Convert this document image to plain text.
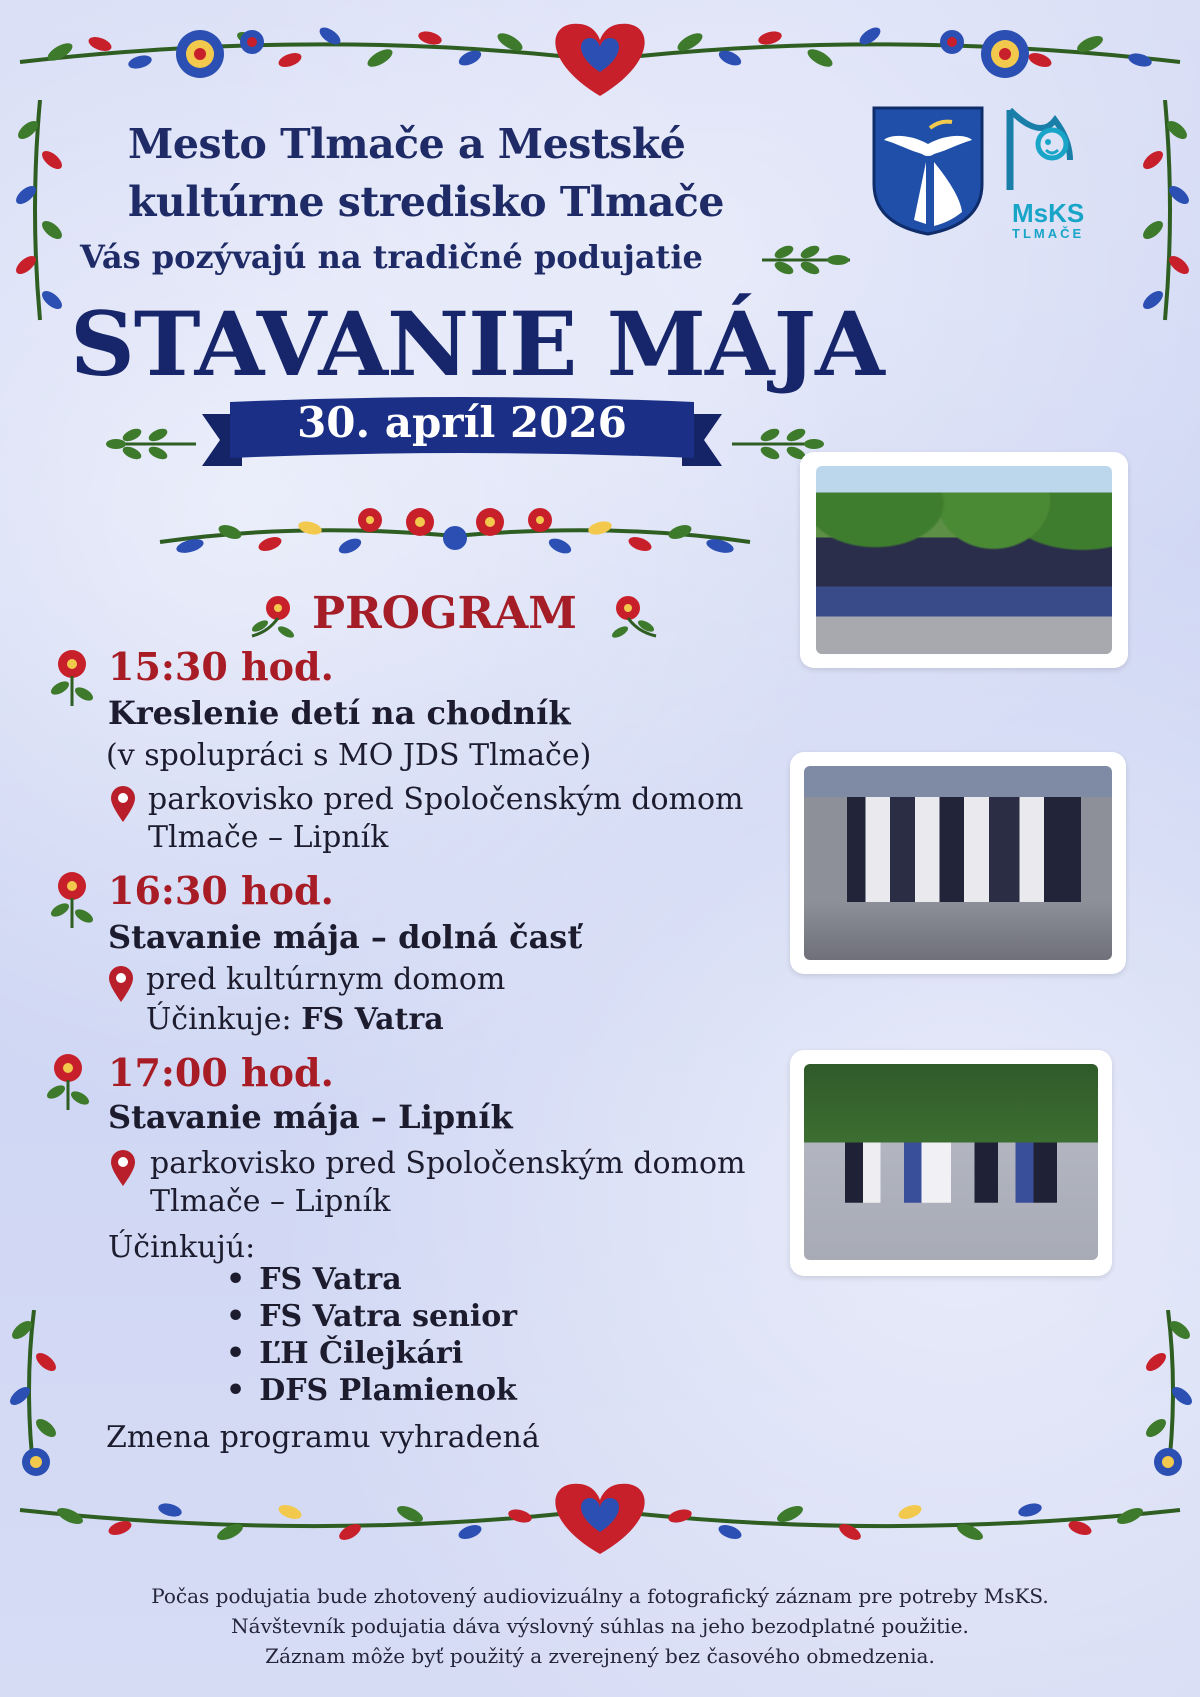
MsKS
TLMAČE
Mesto Tlmače a Mestské
kultúrne stredisko Tlmače
Vás pozývajú na tradičné podujatie
STAVANIE MÁJA
30. apríl 2026
PROGRAM
15:30 hod.
Kreslenie detí na chodník
(v spolupráci s MO JDS Tlmače)
parkovisko pred Spoločenským domom
Tlmače – Lipník
16:30 hod.
Stavanie mája – dolná časť
pred kultúrnym domom
Účinkuje: FS Vatra
17:00 hod.
Stavanie mája – Lipník
parkovisko pred Spoločenským domom
Tlmače – Lipník
Účinkujú:
• FS Vatra
• FS Vatra senior
• ĽH Čilejkári
• DFS Plamienok
Zmena programu vyhradená
Počas podujatia bude zhotovený audiovizuálny a fotografický záznam pre potreby MsKS.
Návštevník podujatia dáva výslovný súhlas na jeho bezodplatné použitie.
Záznam môže byť použitý a zverejnený bez časového obmedzenia.
